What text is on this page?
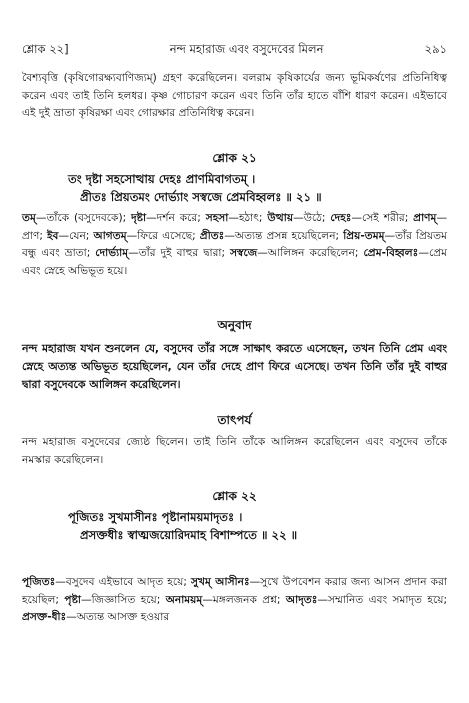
শ্লোক ২২]	নন্দ মহারাজ এবং বসুদেবের মিলন	২৯১

বৈশ্যবৃত্তি (কৃষিগোরক্ষ্যবাণিজ্যম্) গ্রহণ করেছিলেন। বলরাম কৃষিকার্যের জন্য ভূমিকর্ষণের প্রতিনিধিত্ব করেন এবং তাই তিনি হলধর। কৃষ্ণ গোচারণ করেন এবং তিনি তাঁর হাতে বাঁশি ধারণ করেন। এইভাবে এই দুই ভ্রাতা কৃষিরক্ষা এবং গোরক্ষার প্রতিনিধিত্ব করেন।

শ্লোক ২১

তং দৃষ্টা সহসোত্থায় দেহঃ প্রাণমিবাগতম্ ।

প্রীতঃ প্রিয়তমং দোর্ভ্যাং সস্বজে প্রেমবিহ্বলঃ ॥ ২১ ॥

তম্—তাঁকে (বসুদেবকে); দৃষ্টা—দর্শন করে; সহসা—হঠাৎ; উত্থায়—উঠে; দেহঃ—সেই শরীর; প্রাণম্—প্রাণ; ইব—যেন; আগতম্—ফিরে এসেছে; প্রীতঃ—অত্যন্ত প্রসন্ন হয়েছিলেন; প্রিয়-তমম্—তাঁর প্রিয়তম বন্ধু এবং ভ্রাতা; দোর্ভ্যাম্—তাঁর দুই বাহুর দ্বারা; সস্বজে—আলিঙ্গন করেছিলেন; প্রেম-বিহ্বলঃ—প্রেম এবং স্নেহে অভিভূত হয়ে।

অনুবাদ

নন্দ মহারাজ যখন শুনলেন যে, বসুদেব তাঁর সঙ্গে সাক্ষাৎ করতে এসেছেন, তখন তিনি প্রেম এবং স্নেহে অত্যন্ত অভিভূত হয়েছিলেন, যেন তাঁর দেহে প্রাণ ফিরে এসেছে। তখন তিনি তাঁর দুই বাহুর দ্বারা বসুদেবকে আলিঙ্গন করেছিলেন।

তাৎপর্য

নন্দ মহারাজ বসুদেবের জ্যেষ্ঠ ছিলেন। তাই তিনি তাঁকে আলিঙ্গন করেছিলেন এবং বসুদেব তাঁকে নমস্কার করেছিলেন।

শ্লোক ২২

পূজিতঃ সুখমাসীনঃ পৃষ্টানাময়মাদৃতঃ ।

প্রসক্তধীঃ স্বাত্মজয়োরিদমাহ বিশাম্পতে ॥ ২২ ॥

পূজিতঃ—বসুদেব এইভাবে আদৃত হয়ে; সুখম্ আসীনঃ—সুখে উপবেশন করার জন্য আসন প্রদান করা হয়েছিল; পৃষ্টা—জিজ্ঞাসিত হয়ে; অনাময়ম্—মঙ্গলজনক প্রশ্ন; আদৃতঃ—সম্মানিত এবং সমাদৃত হয়ে; প্রসক্ত-ধীঃ—অত্যন্ত আসক্ত হওয়ার
